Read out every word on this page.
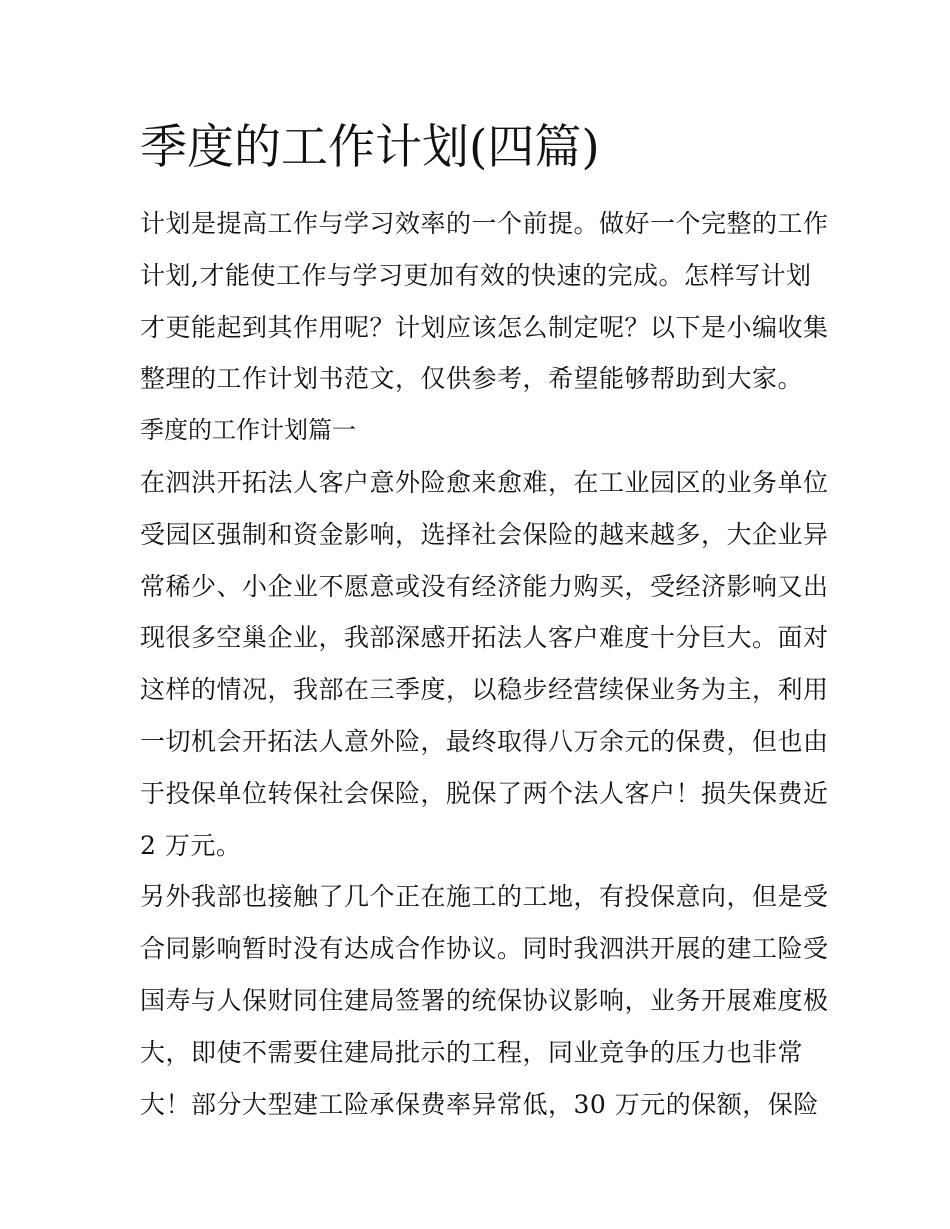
季度的工作计划(四篇)
计划是提高工作与学习效率的一个前提。做好一个完整的工作
计划,才能使工作与学习更加有效的快速的完成。怎样写计划
才更能起到其作用呢？计划应该怎么制定呢？以下是小编收集
整理的工作计划书范文，仅供参考，希望能够帮助到大家。
季度的工作计划篇一
在泗洪开拓法人客户意外险愈来愈难，在工业园区的业务单位
受园区强制和资金影响，选择社会保险的越来越多，大企业异
常稀少、小企业不愿意或没有经济能力购买，受经济影响又出
现很多空巢企业，我部深感开拓法人客户难度十分巨大。面对
这样的情况，我部在三季度，以稳步经营续保业务为主，利用
一切机会开拓法人意外险，最终取得八万余元的保费，但也由
于投保单位转保社会保险，脱保了两个法人客户！损失保费近
2 万元。
另外我部也接触了几个正在施工的工地，有投保意向，但是受
合同影响暂时没有达成合作协议。同时我泗洪开展的建工险受
国寿与人保财同住建局签署的统保协议影响，业务开展难度极
大，即使不需要住建局批示的工程，同业竞争的压力也非常
大！部分大型建工险承保费率异常低，30 万元的保额，保险
